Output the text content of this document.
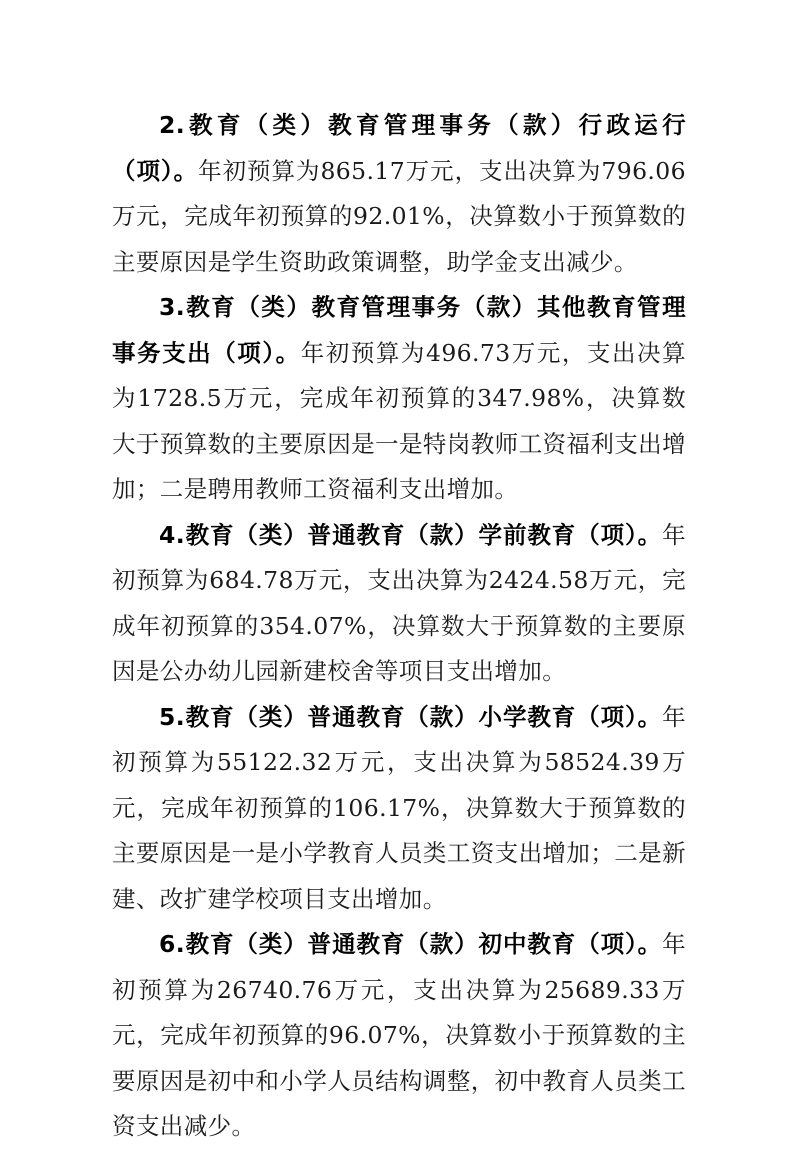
2.教育（类）教育管理事务（款）行政运行（项）。年初预算为865.17万元，支出决算为796.06万元，完成年初预算的92.01%，决算数小于预算数的主要原因是学生资助政策调整，助学金支出减少。

3.教育（类）教育管理事务（款）其他教育管理事务支出（项）。年初预算为496.73万元，支出决算为1728.5万元，完成年初预算的347.98%，决算数大于预算数的主要原因是一是特岗教师工资福利支出增加；二是聘用教师工资福利支出增加。

4.教育（类）普通教育（款）学前教育（项）。年初预算为684.78万元，支出决算为2424.58万元，完成年初预算的354.07%，决算数大于预算数的主要原因是公办幼儿园新建校舍等项目支出增加。

5.教育（类）普通教育（款）小学教育（项）。年初预算为55122.32万元，支出决算为58524.39万元，完成年初预算的106.17%，决算数大于预算数的主要原因是一是小学教育人员类工资支出增加；二是新建、改扩建学校项目支出增加。

6.教育（类）普通教育（款）初中教育（项）。年初预算为26740.76万元，支出决算为25689.33万元，完成年初预算的96.07%，决算数小于预算数的主要原因是初中和小学人员结构调整，初中教育人员类工资支出减少。
